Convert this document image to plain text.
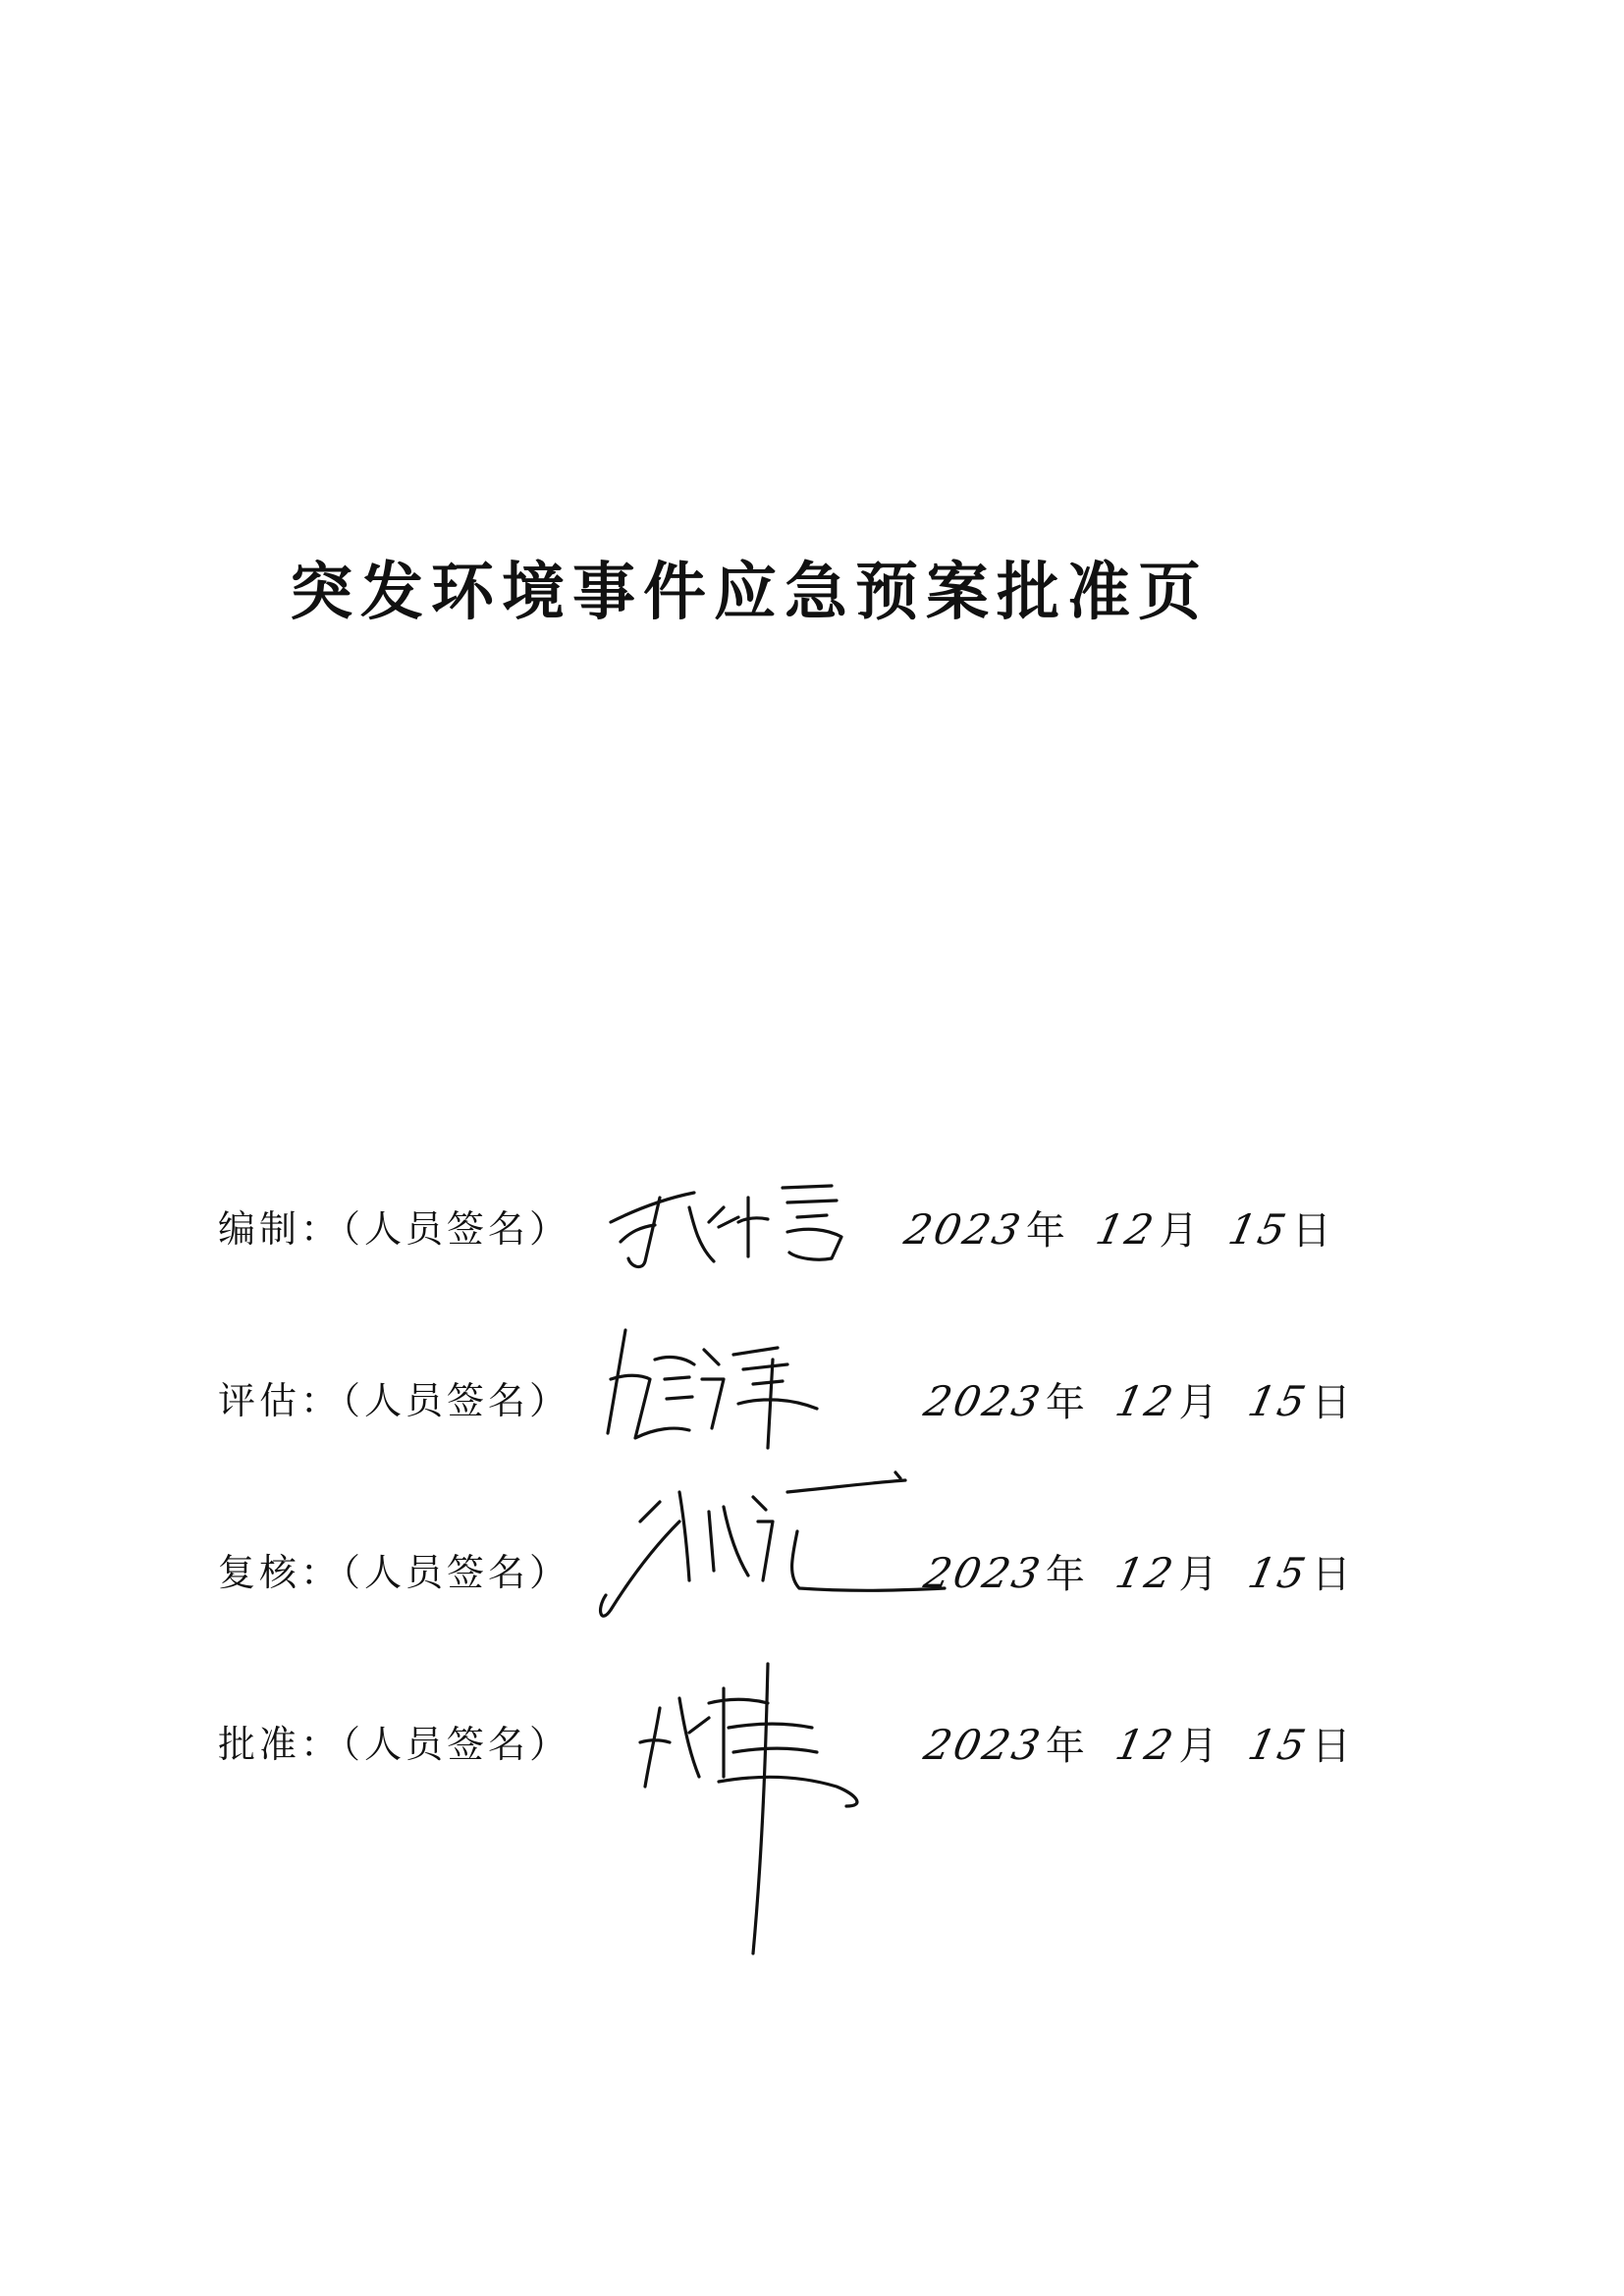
突发环境事件应急预案批准页
编制：（人员签名）	2023年 12月 15日
评估：（人员签名）	2023年 12月 15日
复核：（人员签名）	2023年 12月 15日
批准：（人员签名）	2023年 12月 15日
